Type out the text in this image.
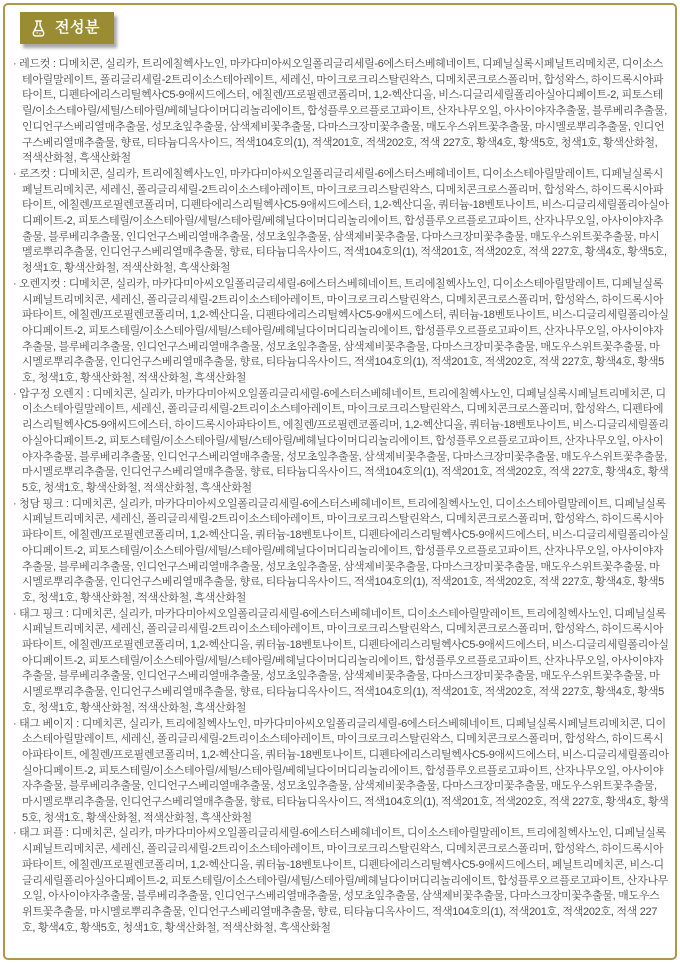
전성분

· 레드컷 : 디메치콘, 실리카, 트리에칠헥사노인, 마카다미아씨오일폴리글리세릴-6에스터스베헤네이트, 디페닐실록시페닐트리메치콘, 디이소스테아릴말레이트, 폴리글리세릴-2트리이소스테아레이트, 세레신, 마이크로크리스탈린왁스, 디메치콘크로스폴리머, 합성왁스, 하이드록시아파타이트, 디펜타에리스리틸헥사C5-9애씨드에스터, 에칠렌/프로필렌코폴리머, 1,2-헥산디올, 비스-디글리세릴폴리아실아디페이트-2, 피토스테릴/이소스테아릴/세틸/스테아릴/베헤닐다이머디리놀리에이트, 합성플루오르플로고파이트, 산자나무오일, 아사이야자추출물, 블루베리추출물, 인디언구스베리열매추출물, 성모초잎추출물, 삼색제비꽃추출물, 다마스크장미꽃추출물, 매도우스위트꽃추출물, 마시멜로뿌리추출물, 인디언구스베리열매추출물, 향료, 티타늄디옥사이드, 적색104호의(1), 적색201호, 적색202호, 적색 227호, 황색4호, 황색5호, 청색1호, 황색산화철, 적색산화철, 흑색산화철

· 로즈컷 : 디메치콘, 실리카, 트리에칠헥사노인, 마카다미아씨오일폴리글리세릴-6에스터스베헤네이트, 디이소스테아릴말레이트, 디페닐실록시페닐트리메치콘, 세레신, 폴리글리세릴-2트리이소스테아레이트, 마이크로크리스탈린왁스, 디메치콘크로스폴리머, 합성왁스, 하이드록시아파타이트, 에칠렌/프로필렌코폴리머, 디펜타에리스리틸헥사C5-9애씨드에스터, 1,2-헥산디올, 쿼터늄-18벤토나이트, 비스-디글리세릴폴리아실아디페이트-2, 피토스테릴/이소스테아릴/세틸/스테아릴/베헤닐다이머디리놀리에이트, 합성플루오르플로고파이트, 산자나무오일, 아사이야자추출물, 블루베리추출물, 인디언구스베리열매추출물, 성모초잎추출물, 삼색제비꽃추출물, 다마스크장미꽃추출물, 매도우스위트꽃추출물, 마시멜로뿌리추출물, 인디언구스베리열매추출물, 향료, 티타늄디옥사이드, 적색104호의(1), 적색201호, 적색202호, 적색 227호, 황색4호, 황색5호, 청색1호, 황색산화철, 적색산화철, 흑색산화철

· 오렌지컷 : 디메치콘, 실리카, 마카다미아씨오일폴리글리세릴-6에스터스베헤네이트, 트리에칠헥사노인, 디이소스테아릴말레이트, 디페닐실록시페닐트리메치콘, 세레신, 폴리글리세릴-2트리이소스테아레이트, 마이크로크리스탈린왁스, 디메치콘크로스폴리머, 합성왁스, 하이드록시아파타이트, 에칠렌/프로필렌코폴리머, 1,2-헥산디올, 디펜타에리스리틸헥사C5-9애씨드에스터, 쿼터늄-18벤토나이트, 비스-디글리세릴폴리아실아디페이트-2, 피토스테릴/이소스테아릴/세틸/스테아릴/베헤닐다이머디리놀리에이트, 합성플루오르플로고파이트, 산자나무오일, 아사이야자추출물, 블루베리추출물, 인디언구스베리열매추출물, 성모초잎추출물, 삼색제비꽃추출물, 다마스크장미꽃추출물, 매도우스위트꽃추출물, 마시멜로뿌리추출물, 인디언구스베리열매추출물, 향료, 티타늄디옥사이드, 적색104호의(1), 적색201호, 적색202호, 적색 227호, 황색4호, 황색5호, 청색1호, 황색산화철, 적색산화철, 흑색산화철

· 압구정 오렌지 : 디메치콘, 실리카, 마카다미아씨오일폴리글리세릴-6에스터스베헤네이트, 트리에칠헥사노인, 디페닐실록시페닐트리메치콘, 디이소스테아릴말레이트, 세레신, 폴리글리세릴-2트리이소스테아레이트, 마이크로크리스탈린왁스, 디메치콘크로스폴리머, 합성왁스, 디펜타에리스리틸헥사C5-9애씨드에스터, 하이드록시아파타이트, 에칠렌/프로필렌코폴리머, 1,2-헥산디올, 쿼터늄-18벤토나이트, 비스-디글리세릴폴리아실아디페이트-2, 피토스테릴/이소스테아릴/세틸/스테아릴/베헤닐다이머디리놀리에이트, 합성플루오르플로고파이트, 산자나무오일, 아사이야자추출물, 블루베리추출물, 인디언구스베리열매추출물, 성모초잎추출물, 삼색제비꽃추출물, 다마스크장미꽃추출물, 매도우스위트꽃추출물, 마시멜로뿌리추출물, 인디언구스베리열매추출물, 향료, 티타늄디옥사이드, 적색104호의(1), 적색201호, 적색202호, 적색 227호, 황색4호, 황색5호, 청색1호, 황색산화철, 적색산화철, 흑색산화철

· 청담 핑크 : 디메치콘, 실리카, 마카다미아씨오일폴리글리세릴-6에스터스베헤네이트, 트리에칠헥사노인, 디이소스테아릴말레이트, 디페닐실록시페닐트리메치콘, 세레신, 폴리글리세릴-2트리이소스테아레이트, 마이크로크리스탈린왁스, 디메치콘크로스폴리머, 합성왁스, 하이드록시아파타이트, 에칠렌/프로필렌코폴리머, 1,2-헥산디올, 쿼터늄-18벤토나이트, 디펜타에리스리틸헥사C5-9애씨드에스터, 비스-디글리세릴폴리아실아디페이트-2, 피토스테릴/이소스테아릴/세틸/스테아릴/베헤닐다이머디리놀리에이트, 합성플루오르플로고파이트, 산자나무오일, 아사이야자추출물, 블루베리추출물, 인디언구스베리열매추출물, 성모초잎추출물, 삼색제비꽃추출물, 다마스크장미꽃추출물, 매도우스위트꽃추출물, 마시멜로뿌리추출물, 인디언구스베리열매추출물, 향료, 티타늄디옥사이드, 적색104호의(1), 적색201호, 적색202호, 적색 227호, 황색4호, 황색5호, 청색1호, 황색산화철, 적색산화철, 흑색산화철

· 태그 핑크 : 디메치콘, 실리카, 마카다미아씨오일폴리글리세릴-6에스터스베헤네이트, 디이소스테아릴말레이트, 트리에칠헥사노인, 디페닐실록시페닐트리메치콘, 세레신, 폴리글리세릴-2트리이소스테아레이트, 마이크로크리스탈린왁스, 디메치콘크로스폴리머, 합성왁스, 하이드록시아파타이트, 에칠렌/프로필렌코폴리머, 1,2-헥산디올, 쿼터늄-18벤토나이트, 디펜타에리스리틸헥사C5-9애씨드에스터, 비스-디글리세릴폴리아실아디페이트-2, 피토스테릴/이소스테아릴/세틸/스테아릴/베헤닐다이머디리놀리에이트, 합성플루오르플로고파이트, 산자나무오일, 아사이야자추출물, 블루베리추출물, 인디언구스베리열매추출물, 성모초잎추출물, 삼색제비꽃추출물, 다마스크장미꽃추출물, 매도우스위트꽃추출물, 마시멜로뿌리추출물, 인디언구스베리열매추출물, 향료, 티타늄디옥사이드, 적색104호의(1), 적색201호, 적색202호, 적색 227호, 황색4호, 황색5호, 청색1호, 황색산화철, 적색산화철, 흑색산화철

· 태그 베이지 : 디메치콘, 실리카, 트리에칠헥사노인, 마카다미아씨오일폴리글리세릴-6에스터스베헤네이트, 디페닐실록시페닐트리메치콘, 디이소스테아릴말레이트, 세레신, 폴리글리세릴-2트리이소스테아레이트, 마이크로크리스탈린왁스, 디메치콘크로스폴리머, 합성왁스, 하이드록시아파타이트, 에칠렌/프로필렌코폴리머, 1,2-헥산디올, 쿼터늄-18벤토나이트, 디펜타에리스리틸헥사C5-9애씨드에스터, 비스-디글리세릴폴리아실아디페이트-2, 피토스테릴/이소스테아릴/세틸/스테아릴/베헤닐다이머디리놀리에이트, 합성플루오르플로고파이트, 산자나무오일, 아사이야자추출물, 블루베리추출물, 인디언구스베리열매추출물, 성모초잎추출물, 삼색제비꽃추출물, 다마스크장미꽃추출물, 매도우스위트꽃추출물, 마시멜로뿌리추출물, 인디언구스베리열매추출물, 향료, 티타늄디옥사이드, 적색104호의(1), 적색201호, 적색202호, 적색 227호, 황색4호, 황색5호, 청색1호, 황색산화철, 적색산화철, 흑색산화철

· 태그 퍼플 : 디메치콘, 실리카, 마카다미아씨오일폴리글리세릴-6에스터스베헤네이트, 디이소스테아릴말레이트, 트리에칠헥사노인, 디페닐실록시페닐트리메치콘, 세레신, 폴리글리세릴-2트리이소스테아레이트, 마이크로크리스탈린왁스, 디메치콘크로스폴리머, 합성왁스, 하이드록시아파타이트, 에칠렌/프로필렌코폴리머, 1,2-헥산디올, 쿼터늄-18벤토나이트, 디펜타에리스리틸헥사C5-9애씨드에스터, 페닐트리메치콘, 비스-디글리세릴폴리아실아디페이트-2, 피토스테릴/이소스테아릴/세틸/스테아릴/베헤닐다이머디리놀리에이트, 합성플루오르플로고파이트, 산자나무오일, 아사이야자추출물, 블루베리추출물, 인디언구스베리열매추출물, 성모초잎추출물, 삼색제비꽃추출물, 다마스크장미꽃추출물, 매도우스위트꽃추출물, 마시멜로뿌리추출물, 인디언구스베리열매추출물, 향료, 티타늄디옥사이드, 적색104호의(1), 적색201호, 적색202호, 적색 227호, 황색4호, 황색5호, 청색1호, 황색산화철, 적색산화철, 흑색산화철
